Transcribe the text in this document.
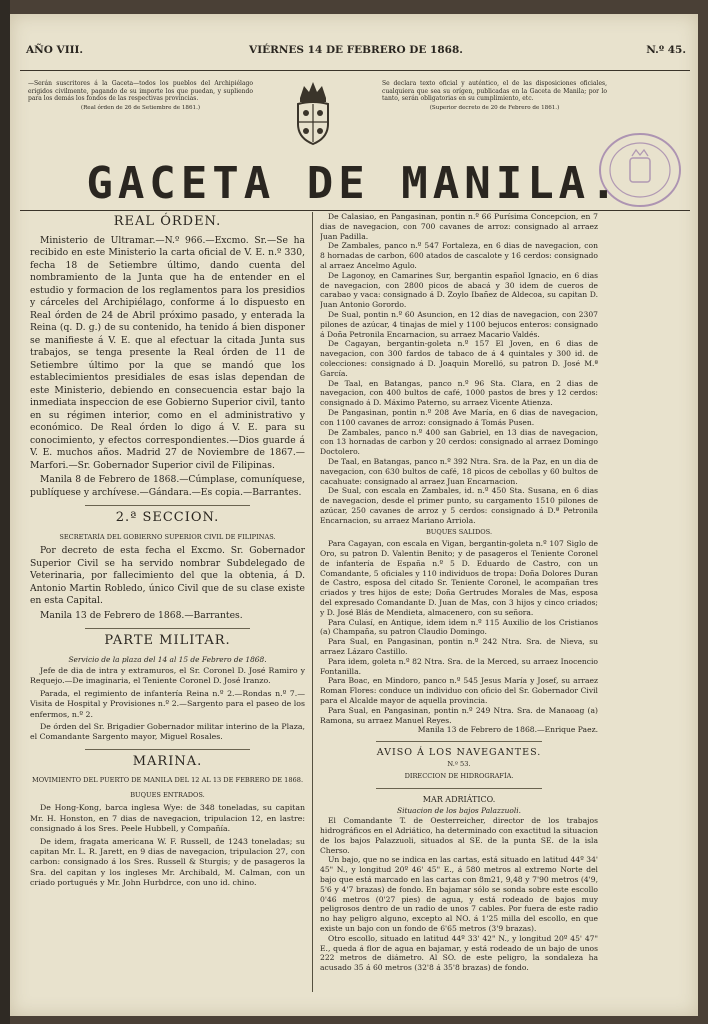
AÑO VIII.	VIÉRNES 14 DE FEBRERO DE 1868.	N.º 45.
—Serán suscritores á la Gaceta—todos los pueblos del Archipiélago erigidos civilmente, pagando de su importe los que puedan, y supliendo para los demás los fondos de las respectivas provincias.
(Real órden de 26 de Setiembre de 1861.)
Se declara texto oficial y auténtico, el de las disposiciones oficiales, cualquiera que sea su orígen, publicadas en la Gaceta de Manila; por lo tanto, serán obligatorias en su cumplimiento, etc.
(Superior decreto de 20 de Febrero de 1861.)
GACETA DE MANILA.
REAL ÓRDEN.

Ministerio de Ultramar.—N.º 966.—Excmo. Sr.—Se ha recibido en este Ministerio la carta oficial de V. E. n.º 330, fecha 18 de Setiembre último, dando cuenta del nombramiento de la Junta que ha de entender en el estudio y formacion de los reglamentos para los presidios y cárceles del Archipiélago, conforme á lo dispuesto en Real órden de 24 de Abril próximo pasado, y enterada la Reina (q. D. g.) de su contenido, ha tenido á bien disponer se manifieste á V. E. que al efectuar la citada Junta sus trabajos, se tenga presente la Real órden de 11 de Setiembre último por la que se mandó que los establecimientos presidiales de esas islas dependan de este Ministerio, debiendo en consecuencia estar bajo la inmediata inspeccion de ese Gobierno Superior civil, tanto en su régimen interior, como en el administrativo y económico. De Real órden lo digo á V. E. para su conocimiento, y efectos correspondientes.—Dios guarde á V. E. muchos años. Madrid 27 de Noviembre de 1867.—Marfori.—Sr. Gobernador Superior civil de Filipinas.

Manila 8 de Febrero de 1868.—Cúmplase, comuníquese, publíquese y archívese.—Gándara.—Es copia.—Barrantes.

2.ª SECCION.
SECRETARÍA DEL GOBIERNO SUPERIOR CIVIL DE FILIPINAS.

Por decreto de esta fecha el Excmo. Sr. Gobernador Superior Civil se ha servido nombrar Subdelegado de Veterinaria, por fallecimiento del que la obtenia, á D. Antonio Martin Robledo, único Civil que de su clase existe en esta Capital.

Manila 13 de Febrero de 1868.—Barrantes.

PARTE MILITAR.
Servicio de la plaza del 14 al 15 de Febrero de 1868.

Jefe de dia de intra y extramuros, el Sr. Coronel D. José Ramiro y Requejo.—De imaginaria, el Teniente Coronel D. José Iranzo.

Parada, el regimiento de infantería Reina n.º 2.—Rondas n.º 7.—Visita de Hospital y Provisiones n.º 2.—Sargento para el paseo de los enfermos, n.º 2.

De órden del Sr. Brigadier Gobernador militar interino de la Plaza, el Comandante Sargento mayor, Miguel Rosales.

MARINA.
MOVIMIENTO DEL PUERTO DE MANILA DEL 12 AL 13 DE FEBRERO DE 1868.
BUQUES ENTRADOS.

De Hong-Kong, barca inglesa Wye: de 348 toneladas, su capitan Mr. H. Honston, en 7 dias de navegacion, tripulacion 12, en lastre: consignado á los Sres. Peele Hubbell, y Compañía.

De idem, fragata americana W. F. Russell, de 1243 toneladas; su capitan Mr. L. R. Jarett, en 9 dias de navegacion, tripulacion 27, con carbon: consignado á los Sres. Russell & Sturgis; y de pasageros la Sra. del capitan y los ingleses Mr. Archibald, M. Calman, con un criado portugués y Mr. John Hurbdrce, con uno id. chino.

De Calasiao, en Pangasinan, pontin n.º 66 Purísima Concepcion, en 7 dias de navegacion, con 700 cavanes de arroz: consignado al arraez Juan Padilla.

De Zambales, panco n.º 547 Fortaleza, en 6 dias de navegacion, con 8 hornadas de carbon, 600 atados de cascalote y 16 cerdos: consignado al arraez Ancelmo Agulo.

De Lagonoy, en Camarines Sur, bergantin español Ignacio, en 6 dias de navegacion, con 2800 picos de abacá y 30 idem de cueros de carabao y vaca: consignado á D. Zoylo Ibañez de Aldecoa, su capitan D. Juan Antonio Gorordo.

De Sual, pontin n.º 60 Asuncion, en 12 dias de navegacion, con 2307 pilones de azúcar, 4 tinajas de miel y 1100 bejucos enteros: consignado á Doña Petronila Encarnacion, su arraez Macario Valdés.

De Cagayan, bergantin-goleta n.º 157 El Joven, en 6 dias de navegacion, con 300 fardos de tabaco de á 4 quintales y 300 id. de colecciones: consignado á D. Joaquin Morelló, su patron D. José M.ª García.

De Taal, en Batangas, panco n.º 96 Sta. Clara, en 2 dias de navegacion, con 400 bultos de café, 1000 pastos de bres y 12 cerdos: consignado á D. Máximo Paterno, su arraez Vicente Atienza.

De Pangasinan, pontin n.º 208 Ave María, en 6 dias de navegacion, con 1100 cavanes de arroz: consignado á Tomás Pusen.

De Zambales, panco n.º 400 san Gabriel, en 13 dias de navegacion, con 13 hornadas de carbon y 20 cerdos: consignado al arraez Domingo Doctolero.

De Taal, en Batangas, panco n.º 392 Ntra. Sra. de la Paz, en un dia de navegacion, con 630 bultos de café, 18 picos de cebollas y 60 bultos de cacahuate: consignado al arraez Juan Encarnacion.

De Sual, con escala en Zambales, id. n.º 450 Sta. Susana, en 6 dias de navegacion, desde el primer punto, su cargamento 1510 pilones de azúcar, 250 cavanes de arroz y 5 cerdos: consignado á D.ª Petronila Encarnacion, su arraez Mariano Arriola.

BUQUES SALIDOS.

Para Cagayan, con escala en Vigan, bergantin-goleta n.º 107 Siglo de Oro, su patron D. Valentin Benito; y de pasageros el Teniente Coronel de infantería de España n.º 5 D. Eduardo de Castro, con un Comandante, 5 oficiales y 110 individuos de tropa: Doña Dolores Duran de Castro, esposa del citado Sr. Teniente Coronel, le acompañan tres criados y tres hijos de este; Doña Gertrudes Morales de Mas, esposa del expresado Comandante D. Juan de Mas, con 3 hijos y cinco criados; y D. José Blás de Mendieta, almacenero, con su señora.

Para Culasí, en Antique, idem idem n.º 115 Auxilio de los Cristianos (a) Champaña, su patron Claudio Domingo.

Para Sual, en Pangasinan, pontin n.º 242 Ntra. Sra. de Nieva, su arraez Lázaro Castillo.

Para idem, goleta n.º 82 Ntra. Sra. de la Merced, su arraez Inocencio Fontanilla.

Para Boac, en Mindoro, panco n.º 545 Jesus María y Josef, su arraez Roman Flores: conduce un individuo con oficio del Sr. Gobernador Civil para el Alcalde mayor de aquella provincia.

Para Sual, en Pangasinan, pontin n.º 249 Ntra. Sra. de Manaoag (a) Ramona, su arraez Manuel Reyes.

Manila 13 de Febrero de 1868.—Enrique Paez.

AVISO Á LOS NAVEGANTES.
N.º 53.
DIRECCION DE HIDROGRAFÍA.
MAR ADRIÁTICO.
Situacion de los bajos Palazzuoli.

El Comandante T. de Oesterreicher, director de los trabajos hidrográficos en el Adriático, ha determinado con exactitud la situacion de los bajos Palazzuoli, situados al SE. de la punta SE. de la isla Cherso.

Un bajo, que no se indica en las cartas, está situado en latitud 44º 34' 45" N., y longitud 20º 46' 45" E., á 580 metros al extremo Norte del bajo que está marcado en las cartas con 8m21, 9,48 y 7'90 metros (4'9, 5'6 y 4'7 brazas) de fondo. En bajamar sólo se sonda sobre este escollo 0'46 metros (0'27 pies) de agua, y está rodeado de bajos muy peligrosos dentro de un radio de unos 7 cables. Por fuera de este radio no hay peligro alguno, excepto al NO. á 1'25 milla del escollo, en que existe un bajo con un fondo de 6'65 metros (3'9 brazas).

Otro escollo, situado en latitud 44º 33' 42" N., y longitud 20º 45' 47" E., queda á flor de agua en bajamar, y está rodeado de un bajo de unos 222 metros de diámetro. Al SO. de este peligro, la sondaleza ha acusado 35 á 60 metros (32'8 á 35'8 brazas) de fondo.
